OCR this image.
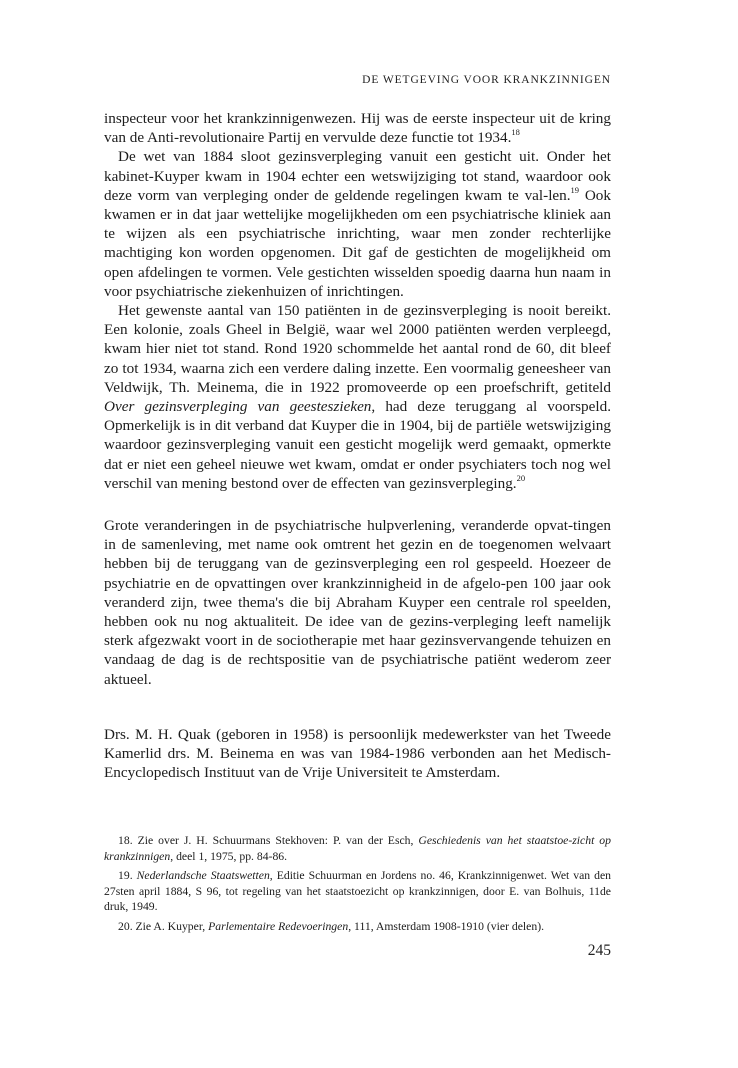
DE WETGEVING VOOR KRANKZINNIGEN

inspecteur voor het krankzinnigenwezen. Hij was de eerste inspecteur uit de kring van de Anti-revolutionaire Partij en vervulde deze functie tot 1934.18

De wet van 1884 sloot gezinsverpleging vanuit een gesticht uit. Onder het kabinet-Kuyper kwam in 1904 echter een wetswijziging tot stand, waardoor ook deze vorm van verpleging onder de geldende regelingen kwam te val-len.$^{19}$ Ook kwamen er in dat jaar wettelijke mogelijkheden om een psychiatrische kliniek aan te wijzen als een psychiatrische inrichting, waar men zonder rechterlijke machtiging kon worden opgenomen. Dit gaf de gestichten de mogelijkheid om open afdelingen te vormen. Vele gestichten wisselden spoedig daarna hun naam in voor psychiatrische ziekenhuizen of inrichtingen.

Het gewenste aantal van 150 patiënten in de gezinsverpleging is nooit bereikt. Een kolonie, zoals Gheel in België, waar wel 2000 patiënten werden verpleegd, kwam hier niet tot stand. Rond 1920 schommelde het aantal rond de 60, dit bleef zo tot 1934, waarna zich een verdere daling inzette. Een voormalig geneesheer van Veldwijk, Th. Meinema, die in 1922 promoveerde op een proefschrift, getiteld Over gezinsverpleging van geesteszieken, had deze teruggang al voorspeld. Opmerkelijk is in dit verband dat Kuyper die in 1904, bij de partiële wetswijziging waardoor gezinsverpleging vanuit een gesticht mogelijk werd gemaakt, opmerkte dat er niet een geheel nieuwe wet kwam, omdat er onder psychiaters toch nog wel verschil van mening bestond over de effecten van gezinsverpleging.$^{20}$

Grote veranderingen in de psychiatrische hulpverlening, veranderde opvat-tingen in de samenleving, met name ook omtrent het gezin en de toegenomen welvaart hebben bij de teruggang van de gezinsverpleging een rol gespeeld. Hoezeer de psychiatrie en de opvattingen over krankzinnigheid in de afgelo-pen 100 jaar ook veranderd zijn, twee thema's die bij Abraham Kuyper een centrale rol speelden, hebben ook nu nog aktualiteit. De idee van de gezins-verpleging leeft namelijk sterk afgezwakt voort in de sociotherapie met haar gezinsvervangende tehuizen en vandaag de dag is de rechtspositie van de psychiatrische patiënt wederom zeer aktueel.

Drs. M. H. Quak (geboren in 1958) is persoonlijk medewerkster van het Tweede Kamerlid drs. M. Beinema en was van 1984-1986 verbonden aan het Medisch-Encyclopedisch Instituut van de Vrije Universiteit te Amsterdam.

18. Zie over J. H. Schuurmans Stekhoven: P. van der Esch, Geschiedenis van het staatstoe-zicht op krankzinnigen, deel 1, 1975, pp. 84-86.

19. Nederlandsche Staatswetten, Editie Schuurman en Jordens no. 46, Krankzinnigenwet. Wet van den 27sten april 1884, S 96, tot regeling van het staatstoezicht op krankzinnigen, door E. van Bolhuis, 11de druk, 1949.

20. Zie A. Kuyper, Parlementaire Redevoeringen, 111, Amsterdam 1908-1910 (vier delen).

245
